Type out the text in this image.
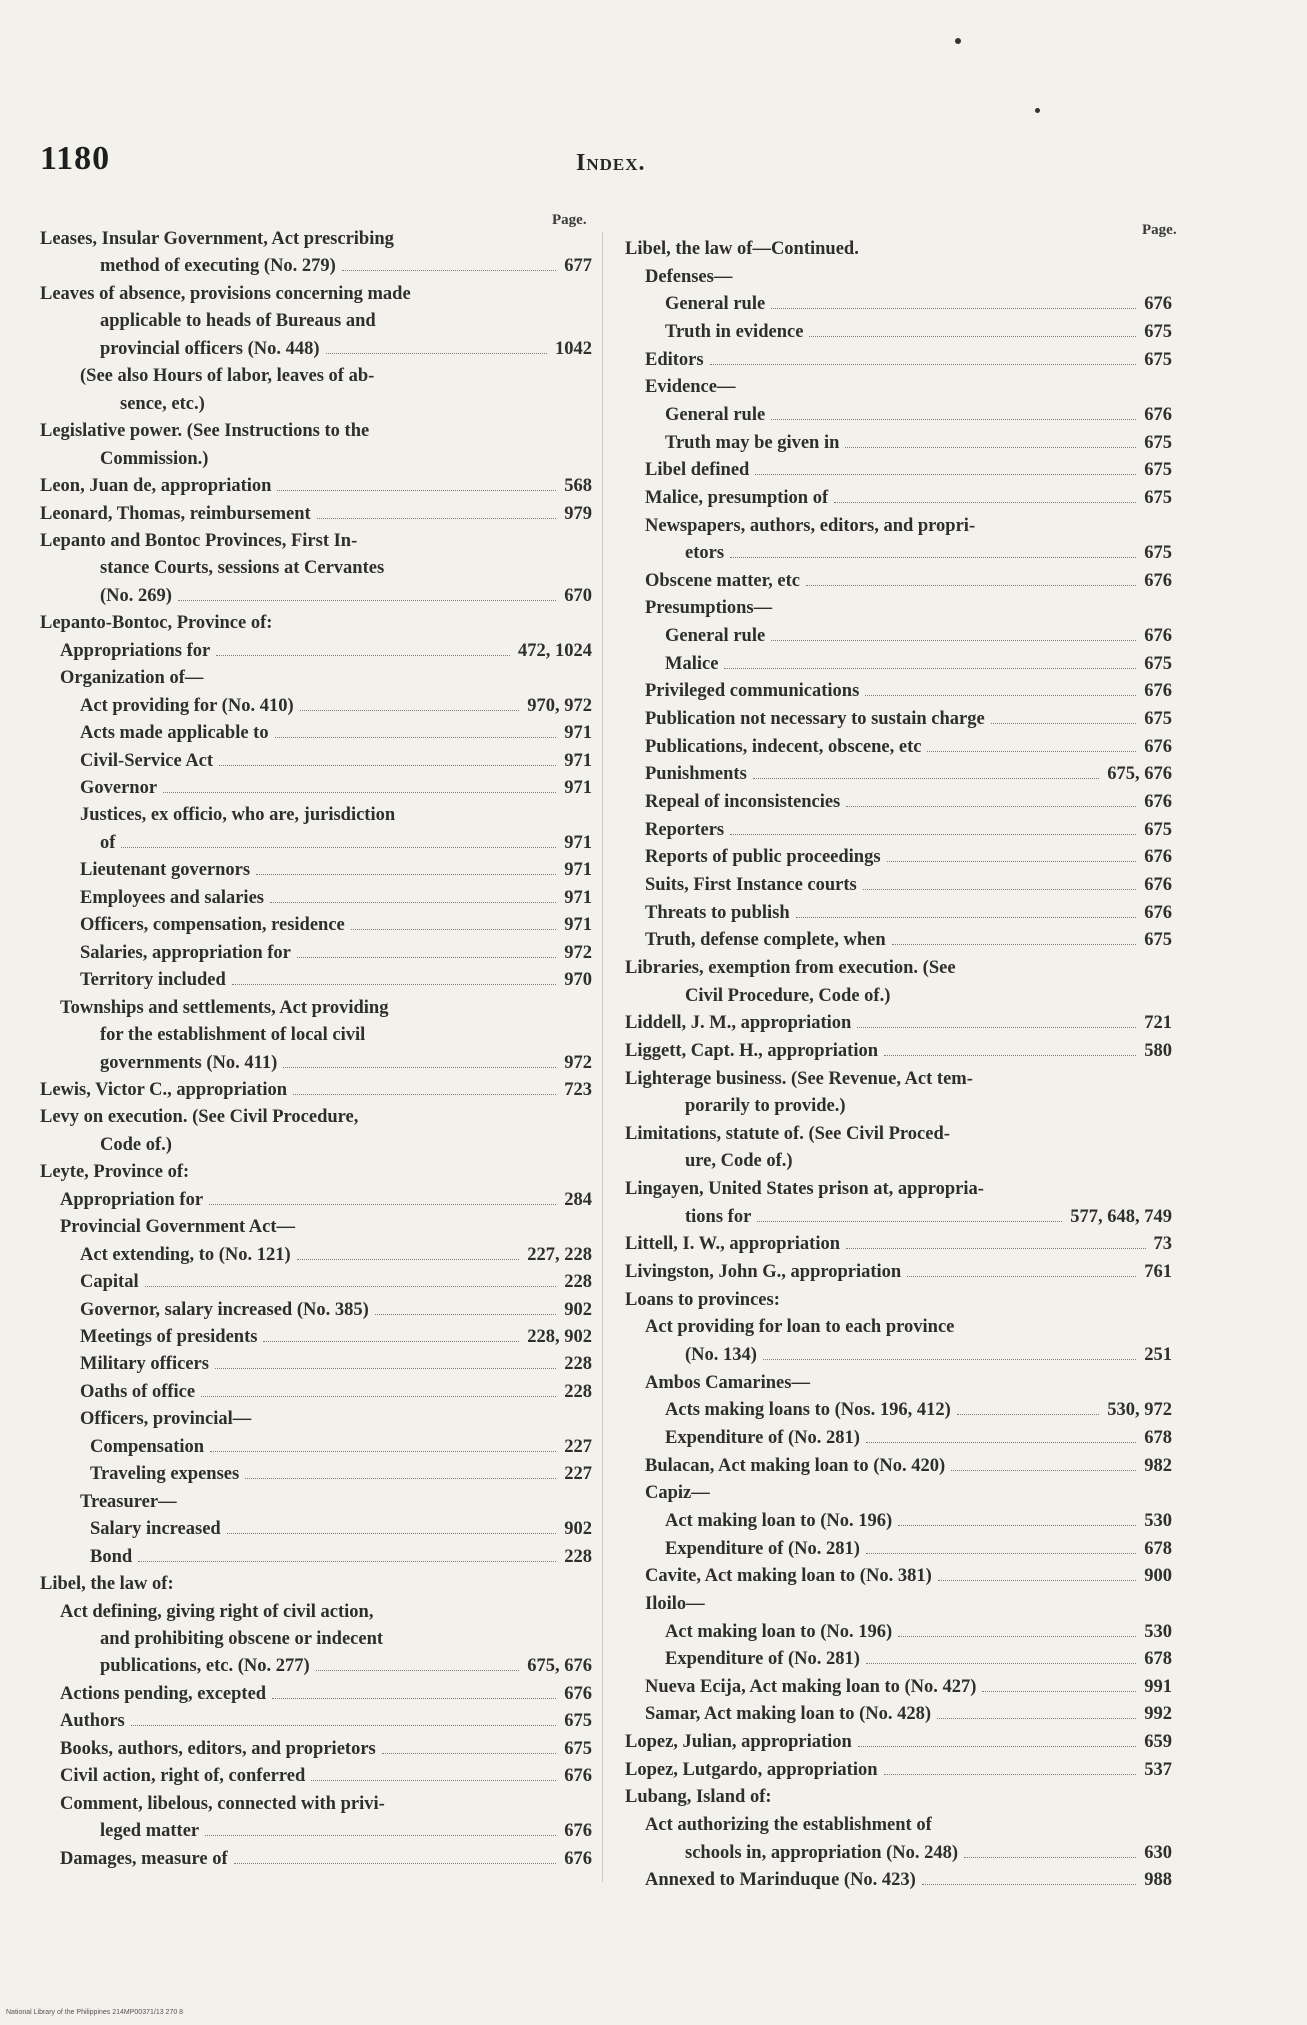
1180	Index.
Page.
Page.
Leases, Insular Government, Act prescribing
method of executing (No. 279)	677
Leaves of absence, provisions concerning made
applicable to heads of Bureaus and
provincial officers (No. 448)	1042
(See also Hours of labor, leaves of ab-
sence, etc.)
Legislative power. (See Instructions to the
Commission.)
Leon, Juan de, appropriation	568
Leonard, Thomas, reimbursement	979
Lepanto and Bontoc Provinces, First In-
stance Courts, sessions at Cervantes
(No. 269)	670
Lepanto-Bontoc, Province of:
Appropriations for	472, 1024
Organization of—
Act providing for (No. 410)	970, 972
Acts made applicable to	971
Civil-Service Act	971
Governor	971
Justices, ex officio, who are, jurisdiction
of	971
Lieutenant governors	971
Employees and salaries	971
Officers, compensation, residence	971
Salaries, appropriation for	972
Territory included	970
Townships and settlements, Act providing
for the establishment of local civil
governments (No. 411)	972
Lewis, Victor C., appropriation	723
Levy on execution. (See Civil Procedure,
Code of.)
Leyte, Province of:
Appropriation for	284
Provincial Government Act—
Act extending, to (No. 121)	227, 228
Capital	228
Governor, salary increased (No. 385)	902
Meetings of presidents	228, 902
Military officers	228
Oaths of office	228
Officers, provincial—
Compensation	227
Traveling expenses	227
Treasurer—
Salary increased	902
Bond	228
Libel, the law of:
Act defining, giving right of civil action,
and prohibiting obscene or indecent
publications, etc. (No. 277)	675, 676
Actions pending, excepted	676
Authors	675
Books, authors, editors, and proprietors	675
Civil action, right of, conferred	676
Comment, libelous, connected with privi-
leged matter	676
Damages, measure of	676
Libel, the law of—Continued.
Defenses—
General rule	676
Truth in evidence	675
Editors	675
Evidence—
General rule	676
Truth may be given in	675
Libel defined	675
Malice, presumption of	675
Newspapers, authors, editors, and propri-
etors	675
Obscene matter, etc	676
Presumptions—
General rule	676
Malice	675
Privileged communications	676
Publication not necessary to sustain charge	675
Publications, indecent, obscene, etc	676
Punishments	675, 676
Repeal of inconsistencies	676
Reporters	675
Reports of public proceedings	676
Suits, First Instance courts	676
Threats to publish	676
Truth, defense complete, when	675
Libraries, exemption from execution. (See
Civil Procedure, Code of.)
Liddell, J. M., appropriation	721
Liggett, Capt. H., appropriation	580
Lighterage business. (See Revenue, Act tem-
porarily to provide.)
Limitations, statute of. (See Civil Proced-
ure, Code of.)
Lingayen, United States prison at, appropria-
tions for	577, 648, 749
Littell, I. W., appropriation	73
Livingston, John G., appropriation	761
Loans to provinces:
Act providing for loan to each province
(No. 134)	251
Ambos Camarines—
Acts making loans to (Nos. 196, 412)	530, 972
Expenditure of (No. 281)	678
Bulacan, Act making loan to (No. 420)	982
Capiz—
Act making loan to (No. 196)	530
Expenditure of (No. 281)	678
Cavite, Act making loan to (No. 381)	900
Iloilo—
Act making loan to (No. 196)	530
Expenditure of (No. 281)	678
Nueva Ecija, Act making loan to (No. 427)	991
Samar, Act making loan to (No. 428)	992
Lopez, Julian, appropriation	659
Lopez, Lutgardo, appropriation	537
Lubang, Island of:
Act authorizing the establishment of
schools in, appropriation (No. 248)	630
Annexed to Marinduque (No. 423)	988
National Library of the Philippines 214MP00371/13 270 8
